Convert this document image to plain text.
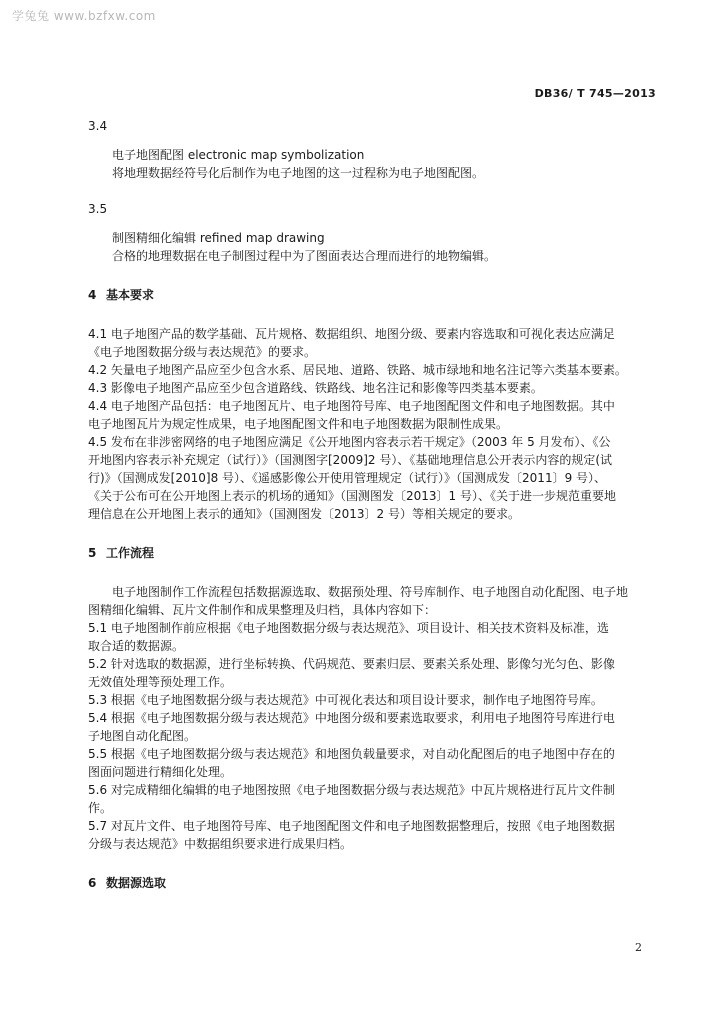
学兔兔 www.bzfxw.com
DB36/ T 745—2013

3.4

电子地图配图 electronic map symbolization

将地理数据经符号化后制作为电子地图的这一过程称为电子地图配图。

3.5

制图精细化编辑 refined map drawing

合格的地理数据在电子制图过程中为了图面表达合理而进行的地物编辑。

4 基本要求

4.1 电子地图产品的数学基础、瓦片规格、数据组织、地图分级、要素内容选取和可视化表达应满足

《电子地图数据分级与表达规范》的要求。

4.2 矢量电子地图产品应至少包含水系、居民地、道路、铁路、城市绿地和地名注记等六类基本要素。

4.3 影像电子地图产品应至少包含道路线、铁路线、地名注记和影像等四类基本要素。

4.4 电子地图产品包括：电子地图瓦片、电子地图符号库、电子地图配图文件和电子地图数据。其中

电子地图瓦片为规定性成果，电子地图配图文件和电子地图数据为限制性成果。

4.5 发布在非涉密网络的电子地图应满足《公开地图内容表示若干规定》（2003 年 5 月发布）、《公

开地图内容表示补充规定（试行）》（国测图字[2009]2 号）、《基础地理信息公开表示内容的规定(试

行)》（国测成发[2010]8 号）、《遥感影像公开使用管理规定（试行）》（国测成发〔2011〕9 号）、

《关于公布可在公开地图上表示的机场的通知》（国测图发〔2013〕1 号）、《关于进一步规范重要地

理信息在公开地图上表示的通知》（国测图发〔2013〕2 号）等相关规定的要求。

5 工作流程

电子地图制作工作流程包括数据源选取、数据预处理、符号库制作、电子地图自动化配图、电子地

图精细化编辑、瓦片文件制作和成果整理及归档，具体内容如下：

5.1 电子地图制作前应根据《电子地图数据分级与表达规范》、项目设计、相关技术资料及标准，选

取合适的数据源。

5.2 针对选取的数据源，进行坐标转换、代码规范、要素归层、要素关系处理、影像匀光匀色、影像

无效值处理等预处理工作。

5.3 根据《电子地图数据分级与表达规范》中可视化表达和项目设计要求，制作电子地图符号库。

5.4 根据《电子地图数据分级与表达规范》中地图分级和要素选取要求，利用电子地图符号库进行电

子地图自动化配图。

5.5 根据《电子地图数据分级与表达规范》和地图负载量要求，对自动化配图后的电子地图中存在的

图面问题进行精细化处理。

5.6 对完成精细化编辑的电子地图按照《电子地图数据分级与表达规范》中瓦片规格进行瓦片文件制

作。

5.7 对瓦片文件、电子地图符号库、电子地图配图文件和电子地图数据整理后，按照《电子地图数据

分级与表达规范》中数据组织要求进行成果归档。

6 数据源选取

2
